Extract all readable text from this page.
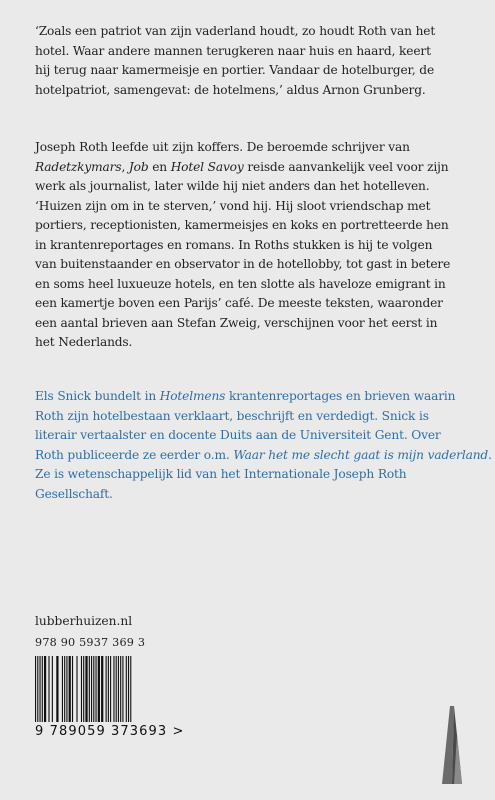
‘Zoals een patriot van zijn vaderland houdt, zo houdt Roth van het
hotel. Waar andere mannen terugkeren naar huis en haard, keert
hij terug naar kamermeisje en portier. Vandaar de hotelburger, de
hotelpatriot, samengevat: de hotelmens,’ aldus Arnon Grunberg.

Joseph Roth leefde uit zijn koffers. De beroemde schrijver van
Radetzkymars, Job en Hotel Savoy reisde aanvankelijk veel voor zijn
werk als journalist, later wilde hij niet anders dan het hotelleven.
‘Huizen zijn om in te sterven,’ vond hij. Hij sloot vriendschap met
portiers, receptionisten, kamermeisjes en koks en portretteerde hen
in krantenreportages en romans. In Roths stukken is hij te volgen
van buitenstaander en observator in de hotellobby, tot gast in betere
en soms heel luxueuze hotels, en ten slotte als haveloze emigrant in
een kamertje boven een Parijs’ café. De meeste teksten, waaronder
een aantal brieven aan Stefan Zweig, verschijnen voor het eerst in
het Nederlands.

Els Snick bundelt in Hotelmens krantenreportages en brieven waarin
Roth zijn hotelbestaan verklaart, beschrijft en verdedigt. Snick is
literair vertaalster en docente Duits aan de Universiteit Gent. Over
Roth publiceerde ze eerder o.m. Waar het me slecht gaat is mijn vaderland.
Ze is wetenschappelijk lid van het Internationale Joseph Roth
Gesellschaft.

lubberhuizen.nl
978 90 5937 369 3
9 789059 373693 >
